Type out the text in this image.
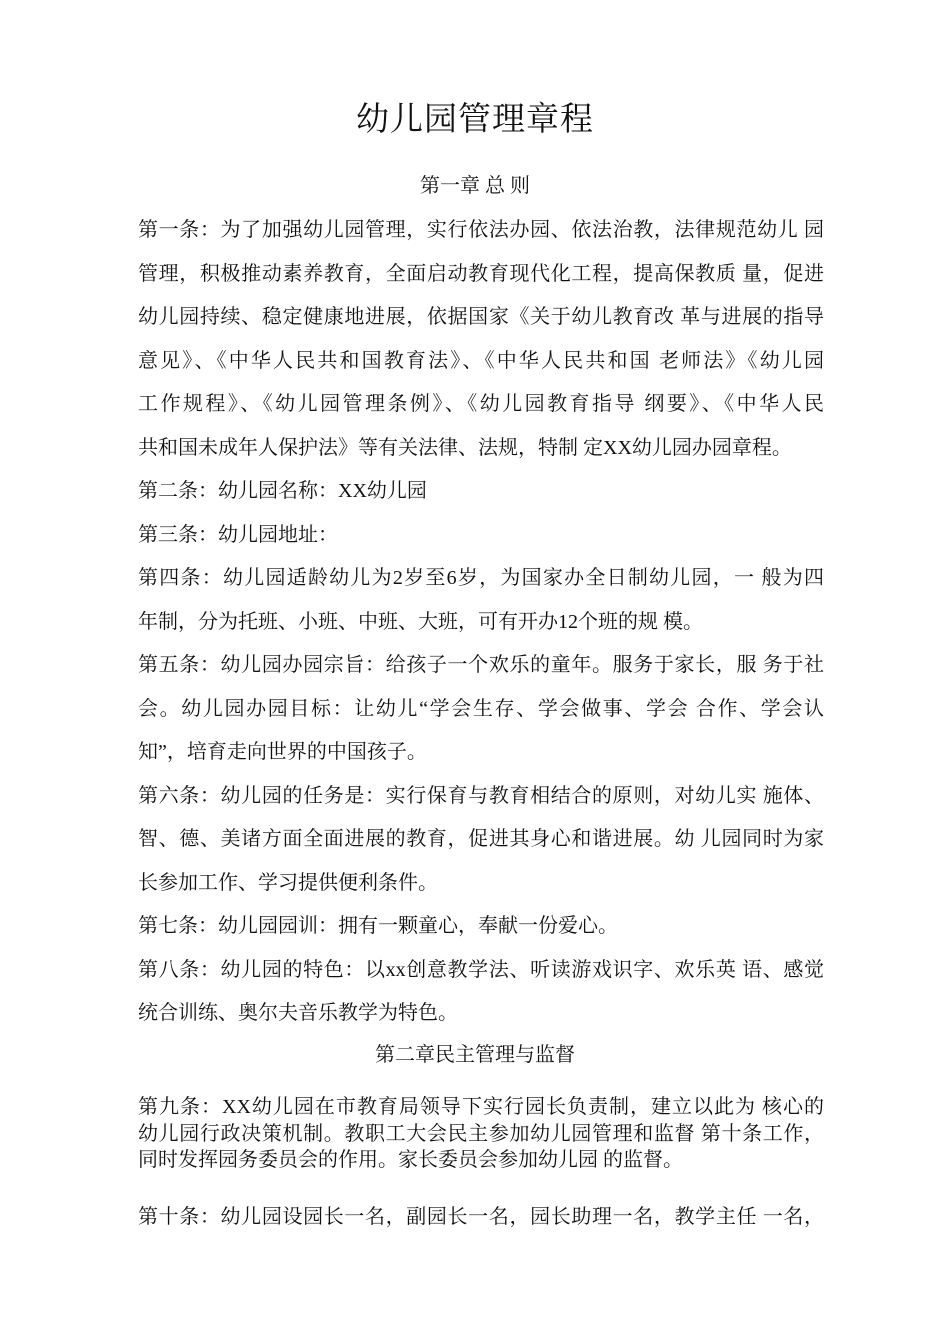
幼儿园管理章程
第一章 总 则
第一条：为了加强幼儿园管理，实行依法办园、依法治教，法律规范幼儿 园
管理，积极推动素养教育，全面启动教育现代化工程，提高保教质 量，促进
幼儿园持续、稳定健康地进展，依据国家《关于幼儿教育改 革与进展的指导
意见》、《中华人民共和国教育法》、《中华人民共和国 老师法》《幼儿园
工作规程》、《幼儿园管理条例》、《幼儿园教育指导 纲要》、《中华人民
共和国未成年人保护法》等有关法律、法规，特制 定XX幼儿园办园章程。
第二条：幼儿园名称：XX幼儿园
第三条：幼儿园地址：
第四条：幼儿园适龄幼儿为2岁至6岁，为国家办全日制幼儿园，一 般为四
年制，分为托班、小班、中班、大班，可有开办12个班的规 模。
第五条：幼儿园办园宗旨：给孩子一个欢乐的童年。服务于家长，服 务于社
会。幼儿园办园目标：让幼儿“学会生存、学会做事、学会 合作、学会认
知”，培育走向世界的中国孩子。
第六条：幼儿园的任务是：实行保育与教育相结合的原则，对幼儿实 施体、
智、德、美诸方面全面进展的教育，促进其身心和谐进展。幼 儿园同时为家
长参加工作、学习提供便利条件。
第七条：幼儿园园训：拥有一颗童心，奉献一份爱心。
第八条：幼儿园的特色：以xx创意教学法、听读游戏识字、欢乐英 语、感觉
统合训练、奥尔夫音乐教学为特色。
第二章民主管理与监督
第九条：XX幼儿园在市教育局领导下实行园长负责制，建立以此为 核心的
幼儿园行政决策机制。教职工大会民主参加幼儿园管理和监督 第十条工作，
同时发挥园务委员会的作用。家长委员会参加幼儿园 的监督。
第十条：幼儿园设园长一名，副园长一名，园长助理一名，教学主任 一名，
